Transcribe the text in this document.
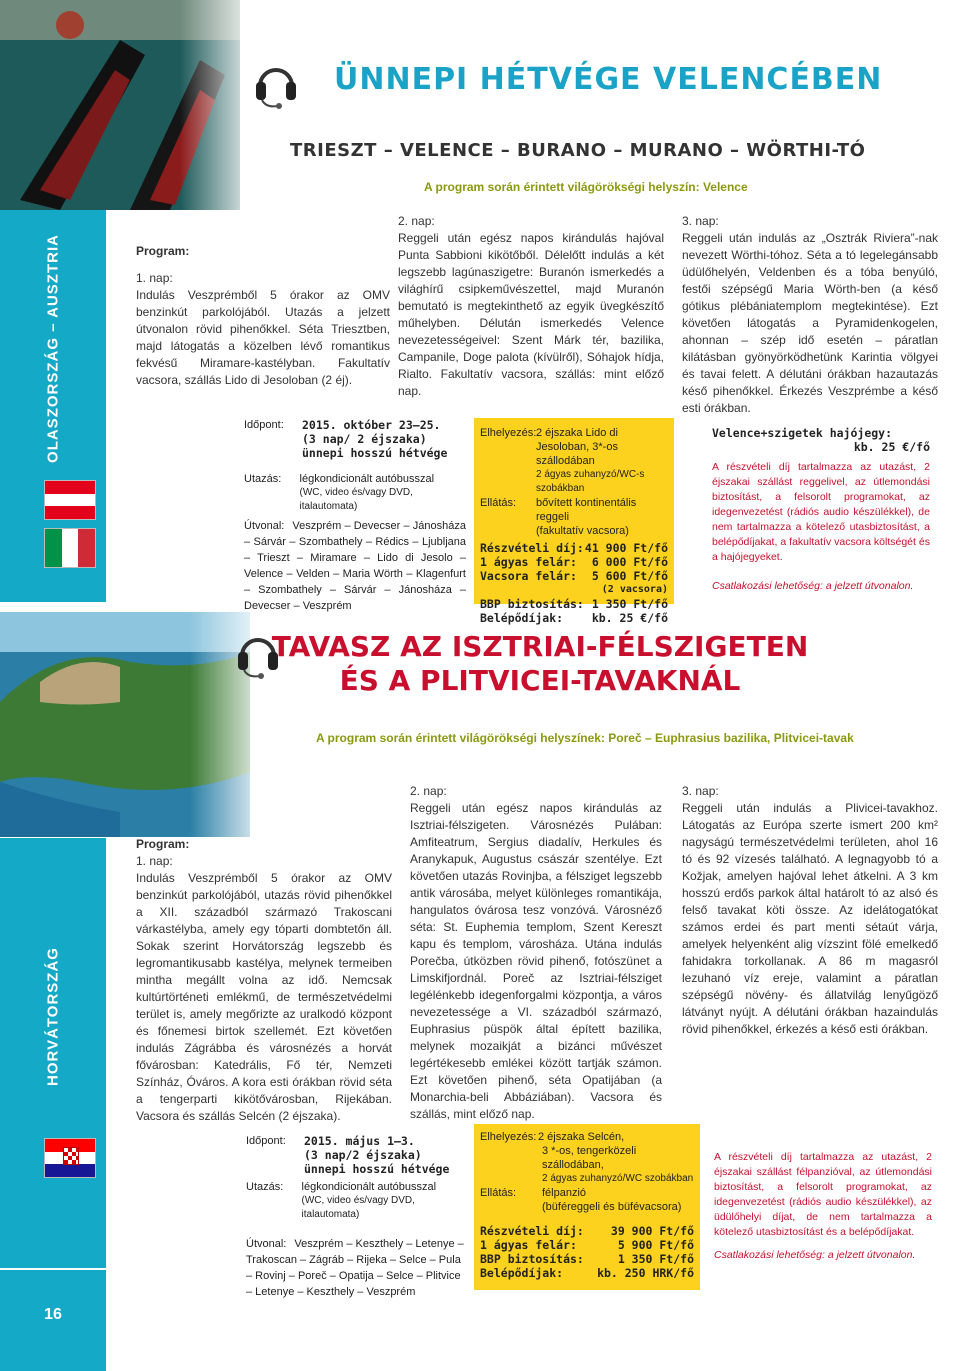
ÜNNEPI HÉTVÉGE VELENCÉBEN
TRIESZT – VELENCE – BURANO – MURANO – WÖRTHI-TÓ
A program során érintett világörökségi helyszín: Velence
OLASZORSZÁG – AUSZTRIA	Program:
1. nap:
Indulás Veszprémből 5 órakor az OMV benzinkút parkolójából. Utazás a jelzett útvonalon rövid pihenőkkel. Séta Triesztben, majd látogatás a közelben lévő romantikus fekvésű Miramare-kastélyban. Fakultatív vacsora, szállás Lido di Jesoloban (2 éj).
2. nap:
Reggeli után egész napos kirándulás hajóval Punta Sabbioni kikötőből. Délelőtt indulás a két legszebb lagúnaszigetre: Buranón ismerkedés a világhírű csipkeművészettel, majd Muranón bemutató is megtekinthető az egyik üvegkészítő műhelyben. Délután ismerkedés Velence nevezetességeivel: Szent Márk tér, bazilika, Campanile, Doge palota (kívülről), Sóhajok hídja, Rialto. Fakultatív vacsora, szállás: mint előző nap.
3. nap:
Reggeli után indulás az „Osztrák Riviera”-nak nevezett Wörthi-tóhoz. Séta a tó legelegánsabb üdülőhelyén, Veldenben és a tóba benyúló, festői szépségű Maria Wörth-ben (a késő gótikus plébániatemplom megtekintése). Ezt követően látogatás a Pyramidenkogelen, ahonnan – szép idő esetén – páratlan kilátásban gyönyörködhetünk Karintia völgyei és tavai felett. A délutáni órákban hazautazás késő pihenőkkel. Érkezés Veszprémbe a késő esti órákban.
Időpont:	2015. október 23–25.
(3 nap/ 2 éjszaka)
ünnepi hosszú hétvége
Utazás:	légkondicionált autóbusszal
(WC, video és/vagy DVD, italautomata)
Útvonal: Veszprém – Devecser – Jánosháza – Sárvár – Szombathely – Rédics – Ljubljana – Trieszt – Miramare – Lido di Jesolo – Velence – Velden – Maria Wörth – Klagenfurt – Szombathely – Sárvár – Jánosháza – Devecser – Veszprém
Elhelyezés: 2 éjszaka Lido di Jesoloban, 3*-os szállodában
2 ágyas zuhanyzó/WC-s szobákban
Ellátás:	bővített kontinentális reggeli
(fakultatív vacsora)
Részvételi díj: 41 900 Ft/fő
1 ágyas felár:	6 000 Ft/fő
Vacsora felár:	5 600 Ft/fő
(2 vacsora)
BBP biztosítás: 1 350 Ft/fő
Belépődíjak:	kb. 25 €/fő
Velence+szigetek hajójegy:
kb. 25 €/fő
A részvételi díj tartalmazza az utazást, 2 éjszakai szállást reggelivel, az útlemondási biztosítást, a felsorolt programokat, az idegenvezetést (rádiós audio készülékkel), de nem tartalmazza a kötelező utasbiztosítást, a belépődíjakat, a fakultatív vacsora költségét és a hajójegyeket.
Csatlakozási lehetőség: a jelzett útvonalon.
TAVASZ AZ ISZTRIAI-FÉLSZIGETEN
ÉS A PLITVICEI-TAVAKNÁL
A program során érintett világörökségi helyszínek: Poreč – Euphrasius bazilika, Plitvicei-tavak
HORVÁTORSZÁG
Program:
1. nap:
Indulás Veszprémből 5 órakor az OMV benzinkút parkolójából, utazás rövid pihenőkkel a XII. századból származó Trakoscani várkastélyba, amely egy tóparti dombtetőn áll. Sokak szerint Horvátország legszebb és legromantikusabb kastélya, melynek termeiben mintha megállt volna az idő. Nemcsak kultúrtörténeti emlékmű, de természetvédelmi terület is, amely megőrizte az uralkodó központ és főnemesi birtok szellemét. Ezt követően indulás Zágrábba és városnézés a horvát fővárosban: Katedrális, Fő tér, Nemzeti Színház, Óváros. A kora esti órákban rövid séta a tengerparti kikötővárosban, Rijekában. Vacsora és szállás Selcén (2 éjszaka).
2. nap:
Reggeli után egész napos kirándulás az Isztriai-félszigeten. Városnézés Pulában: Amfiteatrum, Sergius diadalív, Herkules és Aranykapuk, Augustus császár szentélye. Ezt követően utazás Rovinjba, a félsziget legszebb antik városába, melyet különleges romantikája, hangulatos óvárosa tesz vonzóvá. Városnéző séta: St. Euphemia templom, Szent Kereszt kapu és templom, városháza. Utána indulás Porečba, útközben rövid pihenő, fotószünet a Limskifjordnál. Poreč az Isztriai-félsziget legélénkebb idegenforgalmi központja, a város nevezetessége a VI. századból származó, Euphrasius püspök által épített bazilika, melynek mozaikját a bizánci művészet legértékesebb emlékei között tartják számon. Ezt követően pihenő, séta Opatijában (a Monarchia-beli Abbáziában). Vacsora és szállás, mint előző nap.
3. nap:
Reggeli után indulás a Plivicei-tavakhoz. Látogatás az Európa szerte ismert 200 km² nagyságú természetvédelmi területen, ahol 16 tó és 92 vízesés található. A legnagyobb tó a Kožjak, amelyen hajóval lehet átkelni. A 3 km hosszú erdős parkok által határolt tó az alsó és felső tavakat köti össze. Az idelátogatókat számos erdei és part menti sétaút várja, amelyek helyenként alig vízszint fölé emelkedő fahidakra torkollanak. A 86 m magasról lezuhanó víz ereje, valamint a páratlan szépségű növény- és állatvilág lenyűgöző látványt nyújt. A délutáni órákban hazaindulás rövid pihenőkkel, érkezés a késő esti órákban.
Időpont:	2015. május 1–3.
(3 nap/2 éjszaka)
ünnepi hosszú hétvége
Utazás:	légkondicionált autóbusszal
(WC, video és/vagy DVD, italautomata)
Útvonal: Veszprém – Keszthely – Letenye – Trakoscan – Zágráb – Rijeka – Selce – Pula – Rovinj – Poreč – Opatija – Selce – Plitvice – Letenye – Keszthely – Veszprém
Elhelyezés: 2 éjszaka Selcén,
3 *-os, tengerközeli szállodában,
2 ágyas zuhanyzó/WC szobákban
Ellátás:	félpanzió
(büféreggeli és büfévacsora)
Részvételi díj:	39 900 Ft/fő
1 ágyas felár:	5 900 Ft/fő
BBP biztosítás:	1 350 Ft/fő
Belépődíjak:	kb. 250 HRK/fő
A részvételi díj tartalmazza az utazást, 2 éjszakai szállást félpanzióval, az útlemondási biztosítást, a felsorolt programokat, az idegenvezetést (rádiós audio készülékkel), az üdülőhelyi díjat, de nem tartalmazza a kötelező utasbiztosítást és a belépődíjakat.
Csatlakozási lehetőség: a jelzett útvonalon.
16
